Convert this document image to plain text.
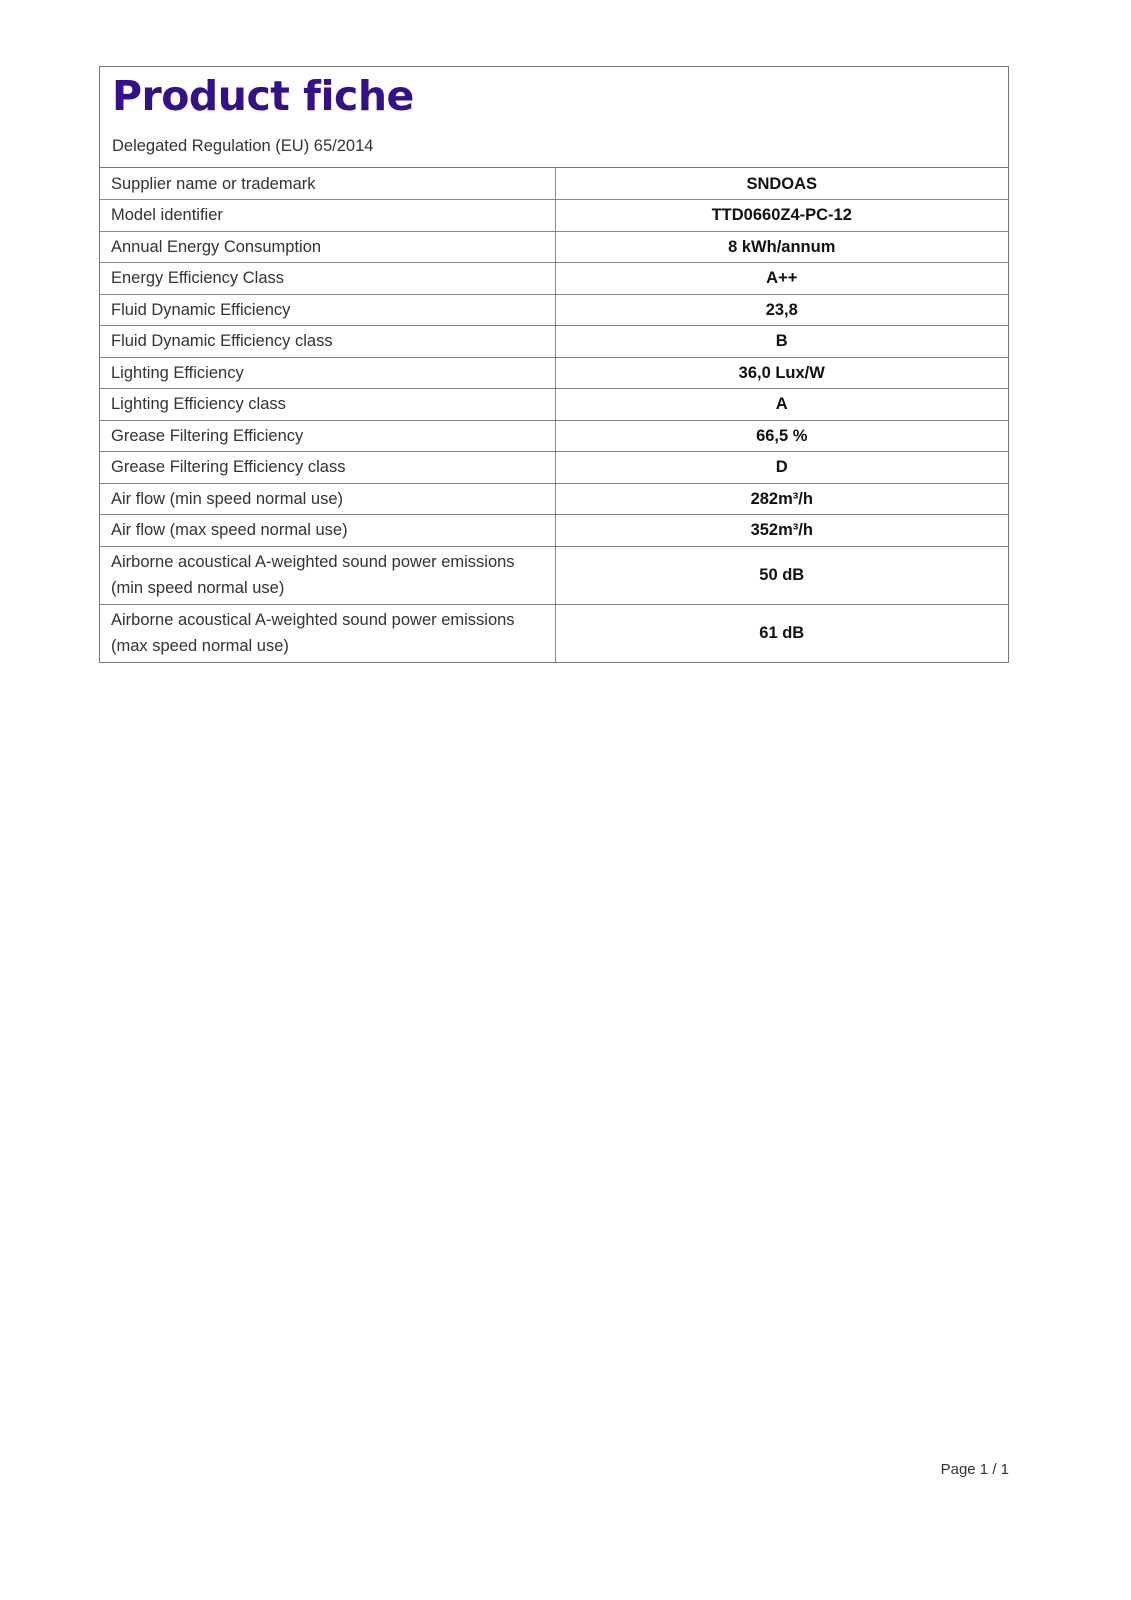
Product fiche
Delegated Regulation (EU) 65/2014
Supplier name or trademark	SNDOAS
Model identifier	TTD0660Z4-PC-12
Annual Energy Consumption	8 kWh/annum
Energy Efficiency Class	A++
Fluid Dynamic Efficiency	23,8
Fluid Dynamic Efficiency class	B
Lighting Efficiency	36,0 Lux/W
Lighting Efficiency class	A
Grease Filtering Efficiency	66,5 %
Grease Filtering Efficiency class	D
Air flow (min speed normal use)	282m³/h
Air flow (max speed normal use)	352m³/h
Airborne acoustical A-weighted sound power emissions (min speed normal use)	50 dB
Airborne acoustical A-weighted sound power emissions (max speed normal use)	61 dB
Page 1 / 1
